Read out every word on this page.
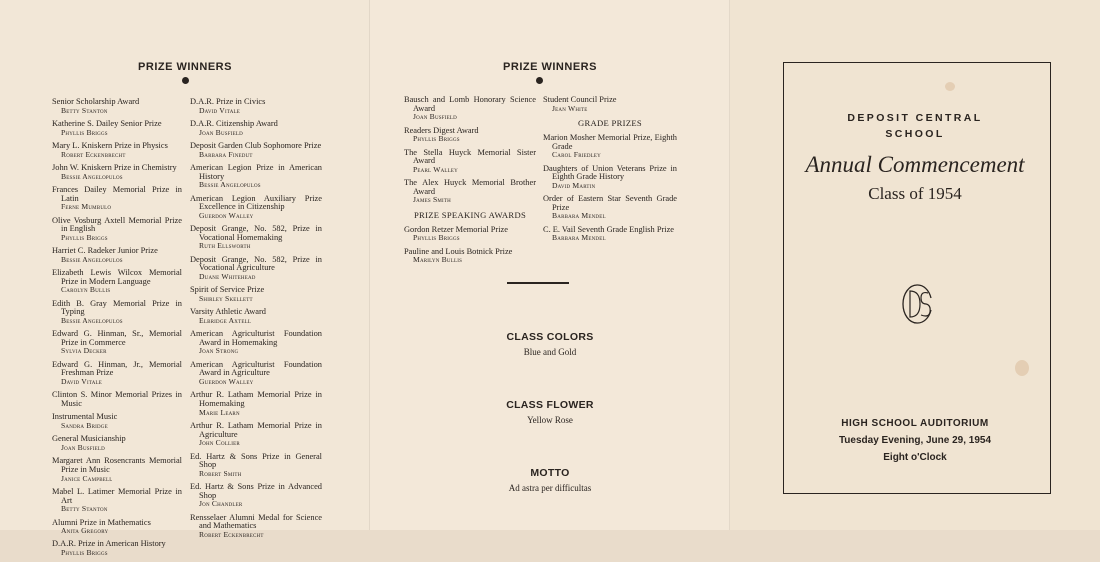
PRIZE WINNERS
Senior Scholarship Award
Betty Stanton
Katherine S. Dailey Senior Prize
Phyllis Briggs
Mary L. Kniskern Prize in Physics
Robert Eckenbrecht
John W. Kniskern Prize in Chemistry
Bessie Angelopulos
Frances Dailey Memorial Prize in Latin
Ferne Mumbulo
Olive Vosburg Axtell Memorial Prize in English
Phyllis Briggs
Harriet C. Radeker Junior Prize
Bessie Angelopulos
Elizabeth Lewis Wilcox Memorial Prize in Modern Language
Carolyn Bullis
Edith B. Gray Memorial Prize in Typing
Bessie Angelopulos
Edward G. Hinman, Sr., Memorial Prize in Commerce
Sylvia Decker
Edward G. Hinman, Jr., Memorial Freshman Prize
David Vitale
Clinton S. Minor Memorial Prizes in Music
Instrumental Music
Sandra Bridge
General Musicianship
Joan Busfield
Margaret Ann Rosencrants Memorial Prize in Music
Janice Campbell
Mabel L. Latimer Memorial Prize in Art
Betty Stanton
Alumni Prize in Mathematics
Anita Gregory
D.A.R. Prize in American History
Phyllis Briggs
D.A.R. Prize in Civics
David Vitale
D.A.R. Citizenship Award
Joan Busfield
Deposit Garden Club Sophomore Prize
Barbara Finedut
American Legion Prize in American History
Bessie Angelopulos
American Legion Auxiliary Prize Excellence in Citizenship
Guerdon Walley
Deposit Grange, No. 582, Prize in Vocational Homemaking
Ruth Ellsworth
Deposit Grange, No. 582, Prize in Vocational Agriculture
Duane Whitehead
Spirit of Service Prize
Shirley Skellett
Varsity Athletic Award
Elbridge Axtell
American Agriculturist Foundation Award in Homemaking
Joan Strong
American Agriculturist Foundation Award in Agriculture
Guerdon Walley
Arthur R. Latham Memorial Prize in Homemaking
Marie Learn
Arthur R. Latham Memorial Prize in Agriculture
John Collier
Ed. Hartz & Sons Prize in General Shop
Robert Smith
Ed. Hartz & Sons Prize in Advanced Shop
Jon Chandler
Rensselaer Alumni Medal for Science and Mathematics
Robert Eckenbrecht
PRIZE WINNERS
Bausch and Lomb Honorary Science Award
Joan Busfield
Readers Digest Award
Phyllis Briggs
The Stella Huyck Memorial Sister Award
Pearl Walley
The Alex Huyck Memorial Brother Award
James Smith
PRIZE SPEAKING AWARDS
Gordon Retzer Memorial Prize
Phyllis Briggs
Pauline and Louis Botnick Prize
Marilyn Bullis
Student Council Prize
Jean White
GRADE PRIZES
Marion Mosher Memorial Prize, Eighth Grade
Carol Friedley
Daughters of Union Veterans Prize in Eighth Grade History
David Martin
Order of Eastern Star Seventh Grade Prize
Barbara Mendel
C. E. Vail Seventh Grade English Prize
Barbara Mendel
CLASS COLORS
Blue and Gold
CLASS FLOWER
Yellow Rose
MOTTO
Ad astra per difficultas
DEPOSIT CENTRAL
SCHOOL
Annual Commencement
Class of 1954
HIGH SCHOOL AUDITORIUM
Tuesday Evening, June 29, 1954
Eight o'Clock
